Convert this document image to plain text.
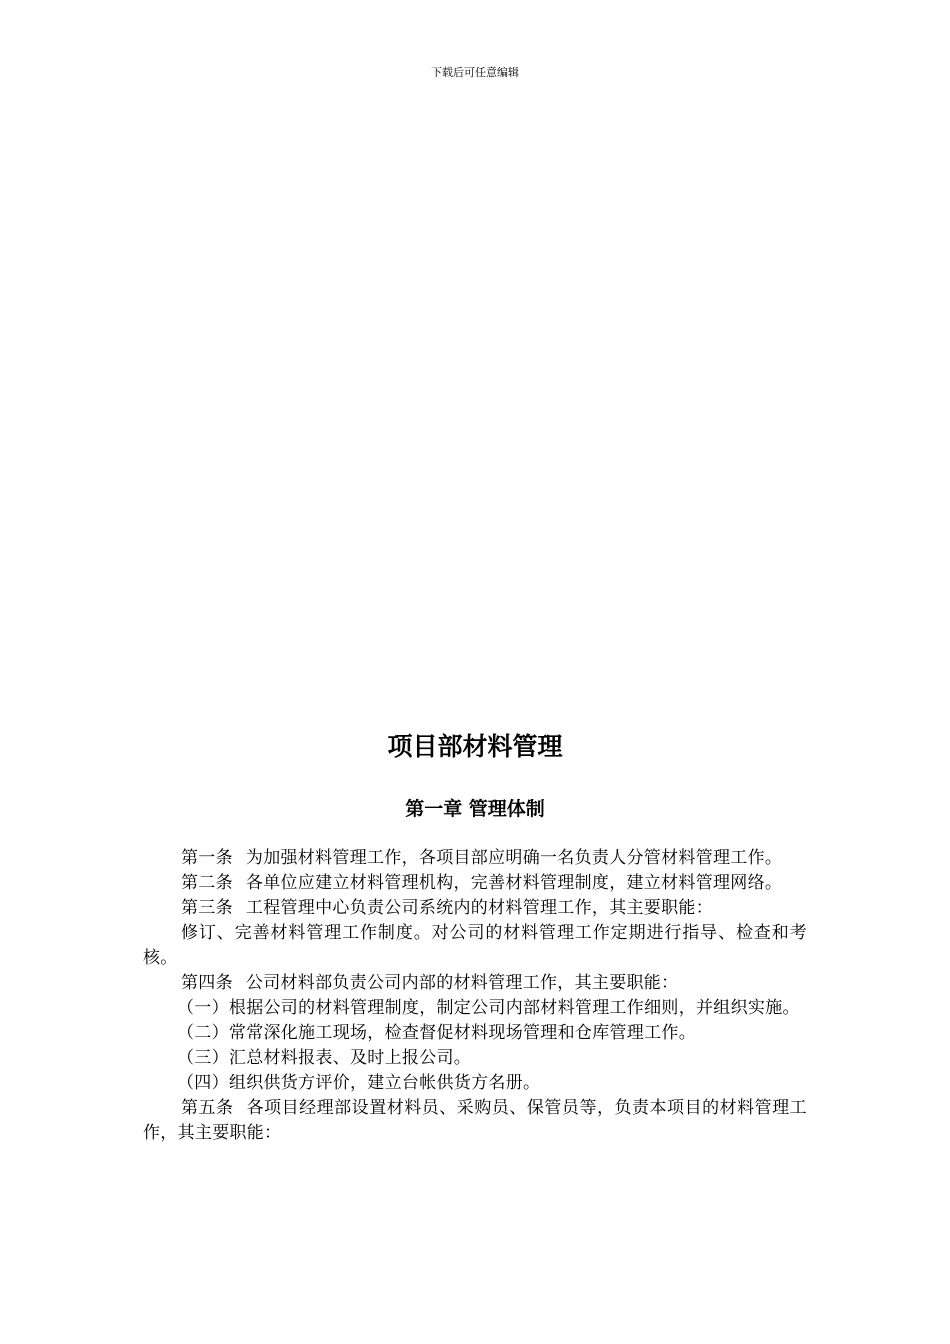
下载后可任意编辑
项目部材料管理
第一章 管理体制

第一条 为加强材料管理工作，各项目部应明确一名负责人分管材料管理工作。

第二条 各单位应建立材料管理机构，完善材料管理制度，建立材料管理网络。

第三条 工程管理中心负责公司系统内的材料管理工作，其主要职能：

修订、完善材料管理工作制度。对公司的材料管理工作定期进行指导、检查和考核。

第四条 公司材料部负责公司内部的材料管理工作，其主要职能：

（一）根据公司的材料管理制度，制定公司内部材料管理工作细则，并组织实施。

（二）常常深化施工现场，检查督促材料现场管理和仓库管理工作。

（三）汇总材料报表、及时上报公司。

（四）组织供货方评价，建立台帐供货方名册。

第五条 各项目经理部设置材料员、采购员、保管员等，负责本项目的材料管理工作，其主要职能：
